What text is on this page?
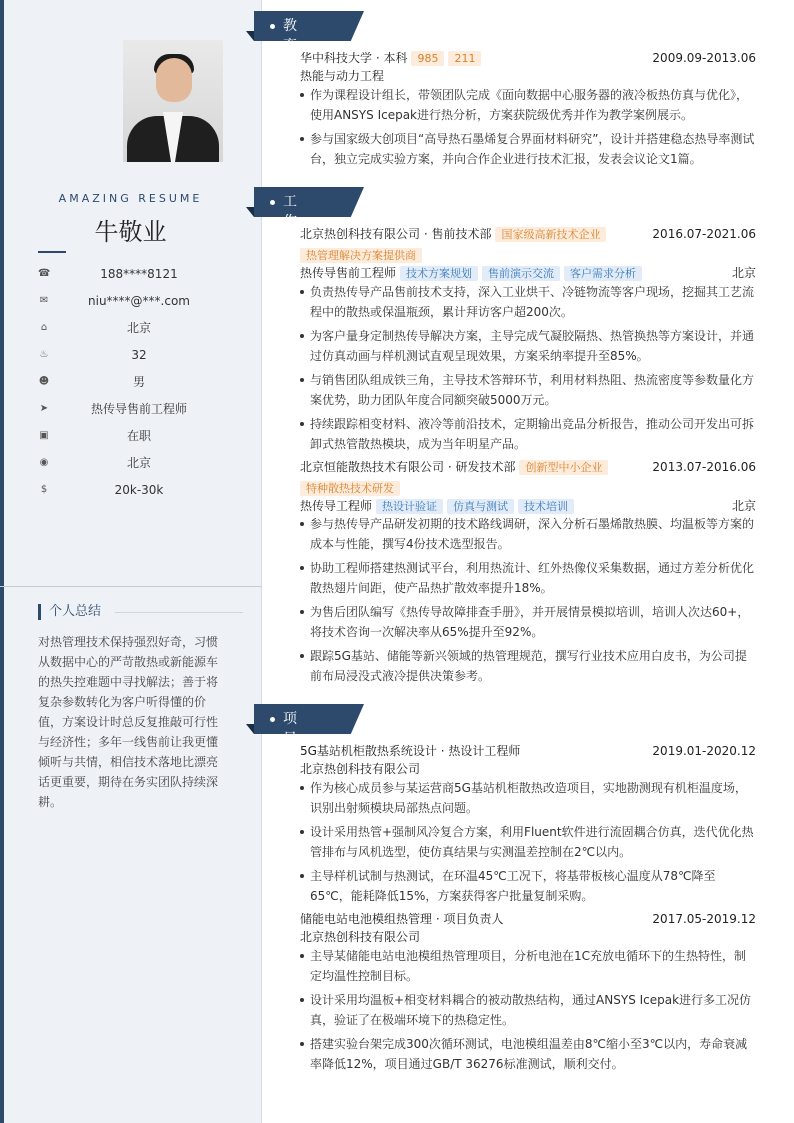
AMAZING RESUME
牛敬业
☎	188****8121
✉	niu****@***.com
⌂	北京
♨	32
☻	男
➤	热传导售前工程师
▣	在职
◉	北京
$	20k-30k
个人总结
对热管理技术保持强烈好奇，习惯从数据中心的严苛散热或新能源车的热失控难题中寻找解法；善于将复杂参数转化为客户听得懂的价值，方案设计时总反复推敲可行性与经济性；多年一线售前让我更懂倾听与共情，相信技术落地比漂亮话更重要，期待在务实团队持续深耕。
教育经历
华中科技大学 · 本科 985 211	2009.09-2013.06
热能与动力工程
作为课程设计组长，带领团队完成《面向数据中心服务器的液冷板热仿真与优化》，使用ANSYS Icepak进行热分析，方案获院级优秀并作为教学案例展示。
参与国家级大创项目“高导热石墨烯复合界面材料研究”，设计并搭建稳态热导率测试台，独立完成实验方案，并向合作企业进行技术汇报，发表会议论文1篇。
工作经历
北京热创科技有限公司 · 售前技术部 国家级高新技术企业	2016.07-2021.06
热管理解决方案提供商
热传导售前工程师 技术方案规划 售前演示交流 客户需求分析	北京
负责热传导产品售前技术支持，深入工业烘干、冷链物流等客户现场，挖掘其工艺流程中的散热或保温瓶颈，累计拜访客户超200次。
为客户量身定制热传导解决方案，主导完成气凝胶隔热、热管换热等方案设计，并通过仿真动画与样机测试直观呈现效果，方案采纳率提升至85%。
与销售团队组成铁三角，主导技术答辩环节，利用材料热阻、热流密度等参数量化方案优势，助力团队年度合同额突破5000万元。
持续跟踪相变材料、液冷等前沿技术，定期输出竞品分析报告，推动公司开发出可拆卸式热管散热模块，成为当年明星产品。
北京恒能散热技术有限公司 · 研发技术部 创新型中小企业	2013.07-2016.06
特种散热技术研发
热传导工程师 热设计验证 仿真与测试 技术培训	北京
参与热传导产品研发初期的技术路线调研，深入分析石墨烯散热膜、均温板等方案的成本与性能，撰写4份技术选型报告。
协助工程师搭建热测试平台，利用热流计、红外热像仪采集数据，通过方差分析优化散热翅片间距，使产品热扩散效率提升18%。
为售后团队编写《热传导故障排查手册》，并开展情景模拟培训，培训人次达60+，将技术咨询一次解决率从65%提升至92%。
跟踪5G基站、储能等新兴领域的热管理规范，撰写行业技术应用白皮书，为公司提前布局浸没式液冷提供决策参考。
项目经历
5G基站机柜散热系统设计 · 热设计工程师	2019.01-2020.12
北京热创科技有限公司
作为核心成员参与某运营商5G基站机柜散热改造项目，实地勘测现有机柜温度场，识别出射频模块局部热点问题。
设计采用热管+强制风冷复合方案，利用Fluent软件进行流固耦合仿真，迭代优化热管排布与风机选型，使仿真结果与实测温差控制在2℃以内。
主导样机试制与热测试，在环温45℃工况下，将基带板核心温度从78℃降至65℃，能耗降低15%，方案获得客户批量复制采购。
储能电站电池模组热管理 · 项目负责人	2017.05-2019.12
北京热创科技有限公司
主导某储能电站电池模组热管理项目，分析电池在1C充放电循环下的生热特性，制定均温性控制目标。
设计采用均温板+相变材料耦合的被动散热结构，通过ANSYS Icepak进行多工况仿真，验证了在极端环境下的热稳定性。
搭建实验台架完成300次循环测试，电池模组温差由8℃缩小至3℃以内，寿命衰减率降低12%，项目通过GB/T 36276标准测试，顺利交付。
